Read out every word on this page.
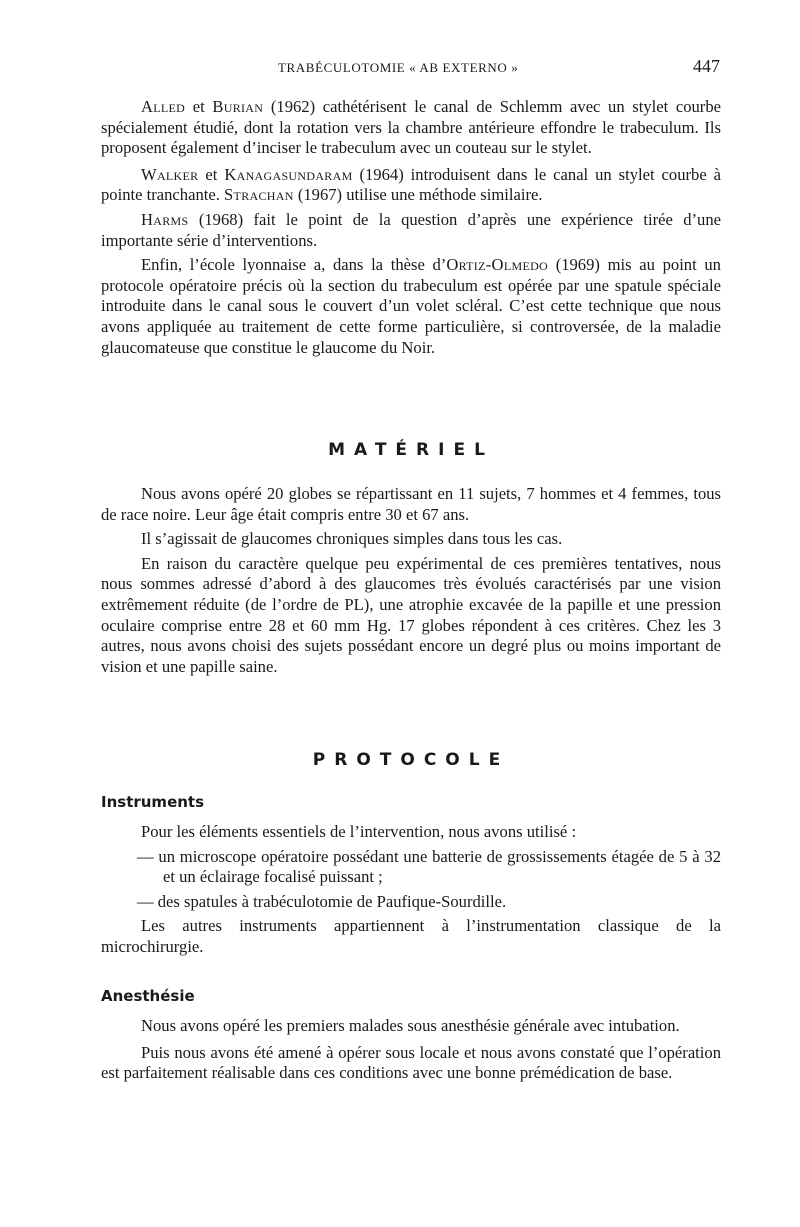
TRABÉCULOTOMIE « AB EXTERNO »	447

Alled et Burian (1962) cathétérisent le canal de Schlemm avec un stylet courbe spécialement étudié, dont la rotation vers la chambre antérieure effondre le trabeculum. Ils proposent également d’inciser le trabeculum avec un couteau sur le stylet.

Walker et Kanagasundaram (1964) introduisent dans le canal un stylet courbe à pointe tranchante. Strachan (1967) utilise une méthode similaire.

Harms (1968) fait le point de la question d’après une expérience tirée d’une importante série d’interventions.

Enfin, l’école lyonnaise a, dans la thèse d’Ortiz-Olmedo (1969) mis au point un protocole opératoire précis où la section du trabeculum est opérée par une spatule spéciale introduite dans le canal sous le couvert d’un volet scléral. C’est cette technique que nous avons appliquée au traitement de cette forme particulière, si controversée, de la maladie glaucomateuse que constitue le glaucome du Noir.

MATÉRIEL

Nous avons opéré 20 globes se répartissant en 11 sujets, 7 hommes et 4 femmes, tous de race noire. Leur âge était compris entre 30 et 67 ans.

Il s’agissait de glaucomes chroniques simples dans tous les cas.

En raison du caractère quelque peu expérimental de ces premières tentatives, nous nous sommes adressé d’abord à des glaucomes très évolués caractérisés par une vision extrêmement réduite (de l’ordre de PL), une atrophie excavée de la papille et une pression oculaire comprise entre 28 et 60 mm Hg. 17 globes répondent à ces critères. Chez les 3 autres, nous avons choisi des sujets possédant encore un degré plus ou moins important de vision et une papille saine.

PROTOCOLE
Instruments

Pour les éléments essentiels de l’intervention, nous avons utilisé :

— un microscope opératoire possédant une batterie de grossissements étagée de 5 à 32 et un éclairage focalisé puissant ;

— des spatules à trabéculotomie de Paufique-Sourdille.

Les autres instruments appartiennent à l’instrumentation classique de la microchirurgie.

Anesthésie

Nous avons opéré les premiers malades sous anesthésie générale avec intubation.

Puis nous avons été amené à opérer sous locale et nous avons constaté que l’opération est parfaitement réalisable dans ces conditions avec une bonne prémédication de base.
